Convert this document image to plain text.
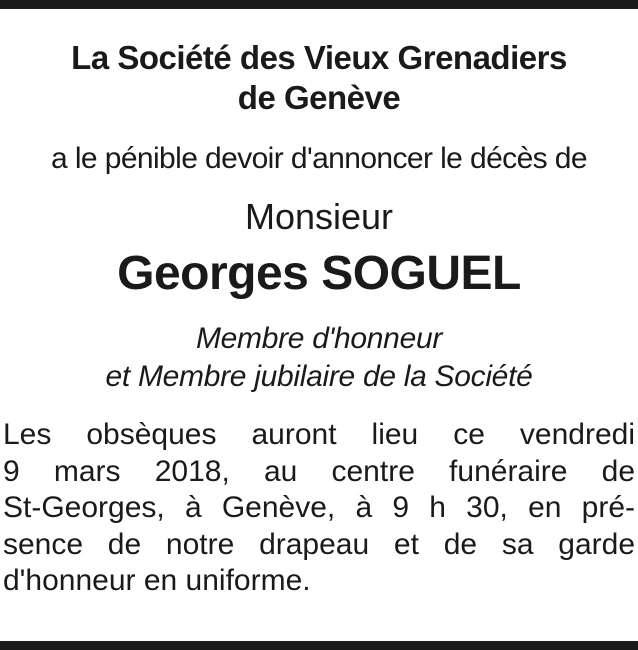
La Société des Vieux Grenadiers

de Genève

a le pénible devoir d'annoncer le décès de

Monsieur

Georges SOGUEL

Membre d'honneur

et Membre jubilaire de la Société

Les obsèques auront lieu ce vendredi
9 mars 2018, au centre funéraire de
St-Georges, à Genève, à 9 h 30, en pré-
sence de notre drapeau et de sa garde
d'honneur en uniforme.
